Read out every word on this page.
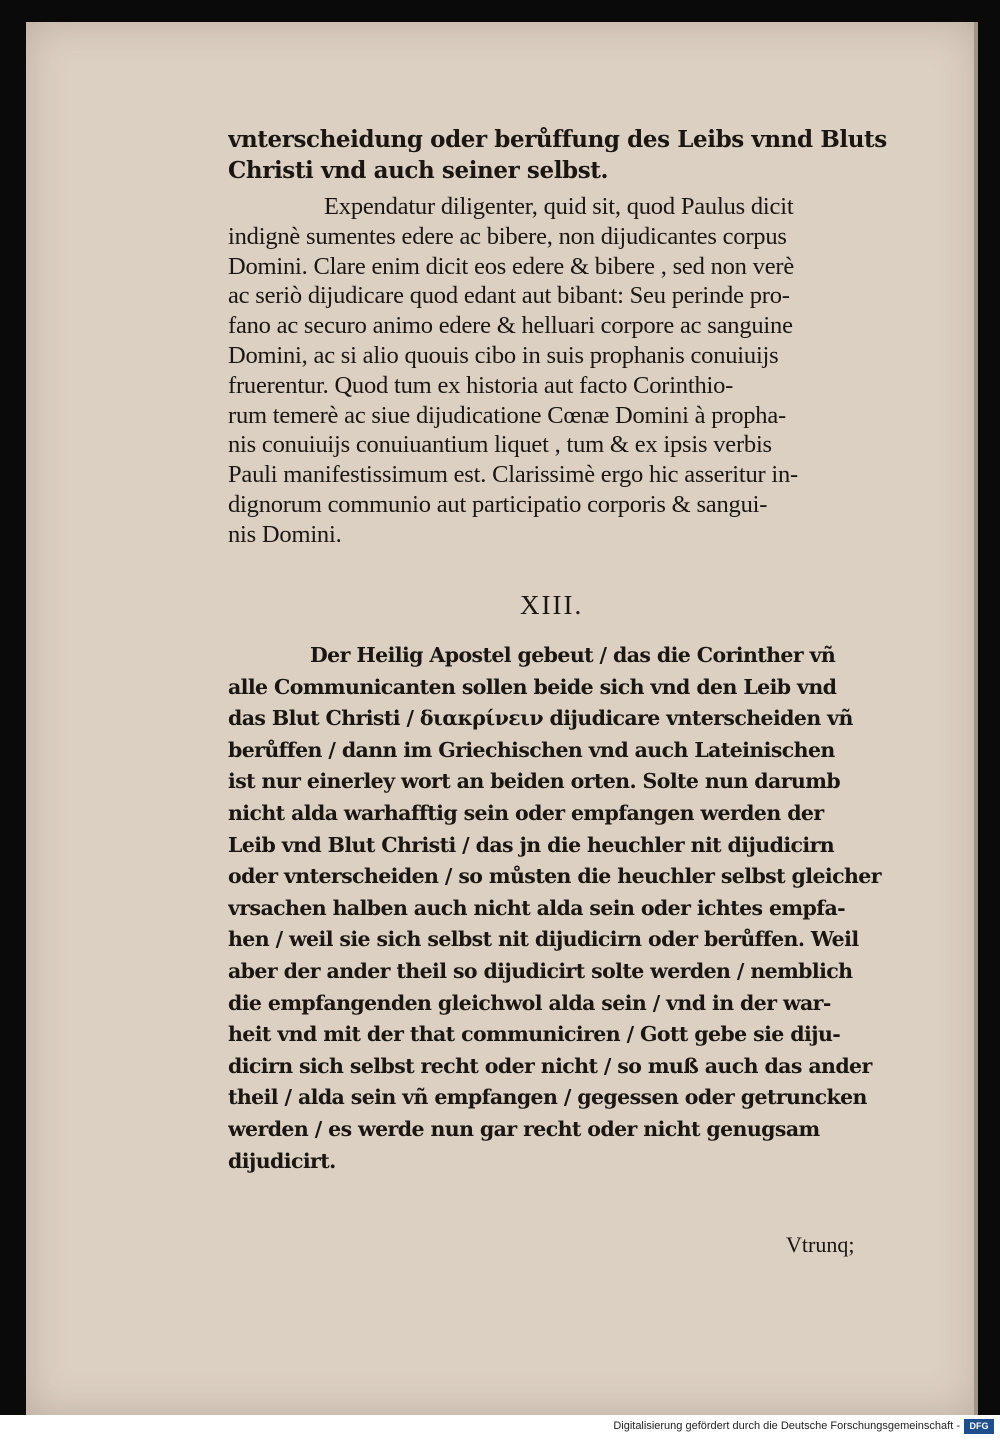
vnterscheidung oder berůffung des Leibs vnnd Bluts
Christi vnd auch seiner selbst.
Expendatur diligenter, quid sit, quod Paulus dicit
indignè sumentes edere ac bibere, non dijudicantes corpus
Domini. Clare enim dicit eos edere & bibere , sed non verè
ac seriò dijudicare quod edant aut bibant: Seu perinde pro-
fano ac securo animo edere & helluari corpore ac sanguine
Domini, ac si alio quouis cibo in suis prophanis conuiuijs
fruerentur. Quod tum ex historia aut facto Corinthio-
rum temerè ac siue dijudicatione Cœnæ Domini à propha-
nis conuiuijs conuiuantium liquet , tum & ex ipsis verbis
Pauli manifestissimum est. Clarissimè ergo hic asseritur in-
dignorum communio aut participatio corporis & sangui-
nis Domini.
XIII.
Der Heilig Apostel gebeut / das die Corinther vñ
alle Communicanten sollen beide sich vnd den Leib vnd
das Blut Christi / διακρίνειν dijudicare vnterscheiden vñ
berůffen / dann im Griechischen vnd auch Lateinischen
ist nur einerley wort an beiden orten. Solte nun darumb
nicht alda warhafftig sein oder empfangen werden der
Leib vnd Blut Christi / das jn die heuchler nit dijudicirn
oder vnterscheiden / so můsten die heuchler selbst gleicher
vrsachen halben auch nicht alda sein oder ichtes empfa-
hen / weil sie sich selbst nit dijudicirn oder berůffen. Weil
aber der ander theil so dijudicirt solte werden / nemblich
die empfangenden gleichwol alda sein / vnd in der war-
heit vnd mit der that communiciren / Gott gebe sie diju-
dicirn sich selbst recht oder nicht / so muß auch das ander
theil / alda sein vñ empfangen / gegessen oder getruncken
werden / es werde nun gar recht oder nicht genugsam
dijudicirt.
Vtrunq;
Digitalisierung gefördert durch die Deutsche Forschungsgemeinschaft -	DFG
